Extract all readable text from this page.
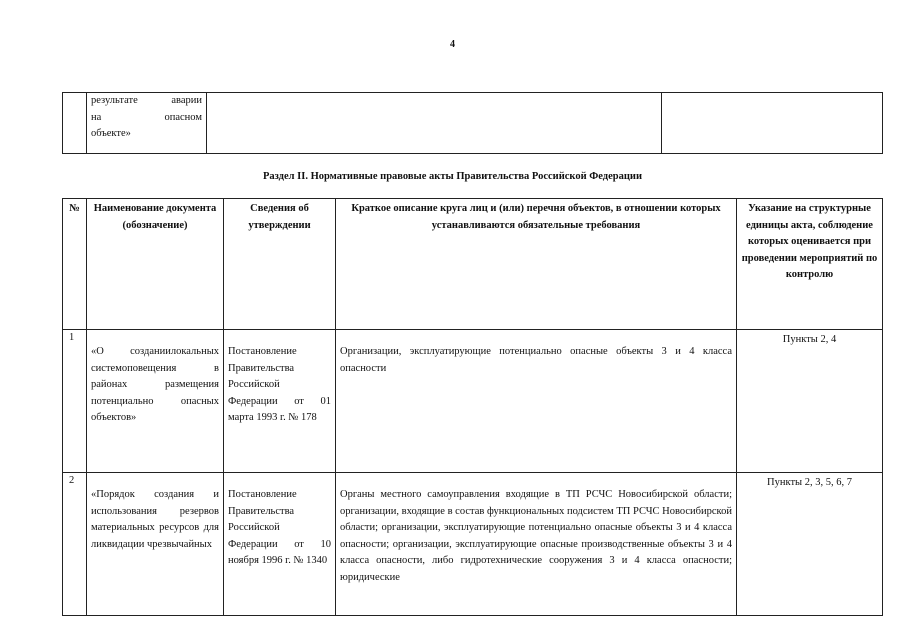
4

результате аварии
на опасном
объекте»

Раздел II. Нормативные правовые акты Правительства Российской Федерации
№	Наименование документа (обозначение)	Сведения об утверждении	Краткое описание круга лиц и (или) перечня объектов, в отношении которых устанавливаются обязательные требования	Указание на структурные единицы акта, соблюдение которых оценивается при проведении мероприятий по контролю
1	«О созданиилокальных системоповещения в районах размещения потенциально опасных объектов»	Постановление Правительства Российской Федерации от 01 марта 1993 г. № 178	Организации, эксплуатирующие потенциально опасные объекты 3 и 4 класса опасности	Пункты 2, 4
2	«Порядок создания и использования резервов материальных ресурсов для ликвидации чрезвычайных	Постановление Правительства Российской Федерации от 10 ноября 1996 г. № 1340	Органы местного самоуправления входящие в ТП РСЧС Новосибирской области; организации, входящие в состав функциональных подсистем ТП РСЧС Новосибирской области; организации, эксплуатирующие потенциально опасные объекты 3 и 4 класса опасности; организации, эксплуатирующие опасные производственные объекты 3 и 4 класса опасности, либо гидротехнические сооружения 3 и 4 класса опасности; юридические	Пункты 2, 3, 5, 6, 7
